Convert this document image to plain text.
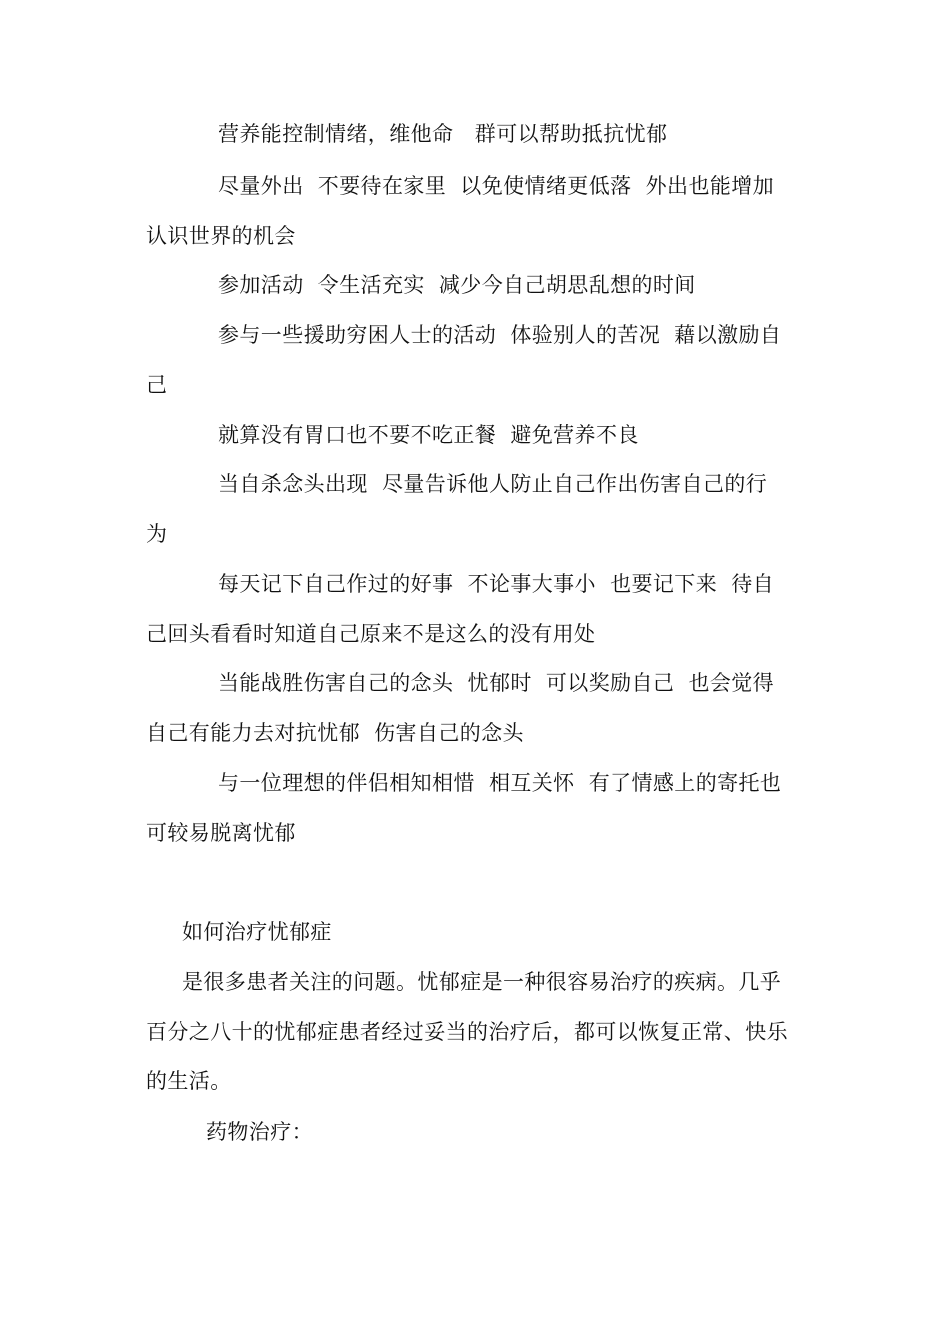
营养能控制情绪，维他命　群可以帮助抵抗忧郁
尽量外出  不要待在家里  以免使情绪更低落  外出也能增加
认识世界的机会
参加活动  令生活充实  减少今自己胡思乱想的时间
参与一些援助穷困人士的活动  体验别人的苦况  藉以激励自
己
就算没有胃口也不要不吃正餐  避免营养不良
当自杀念头出现  尽量告诉他人防止自己作出伤害自己的行
为
每天记下自己作过的好事  不论事大事小  也要记下来  待自
己回头看看时知道自己原来不是这么的没有用处
当能战胜伤害自己的念头  忧郁时  可以奖励自己  也会觉得
自己有能力去对抗忧郁  伤害自己的念头
与一位理想的伴侣相知相惜  相互关怀  有了情感上的寄托也
可较易脱离忧郁
如何治疗忧郁症
是很多患者关注的问题。忧郁症是一种很容易治疗的疾病。几乎
百分之八十的忧郁症患者经过妥当的治疗后，都可以恢复正常、快乐
的生活。
药物治疗：
